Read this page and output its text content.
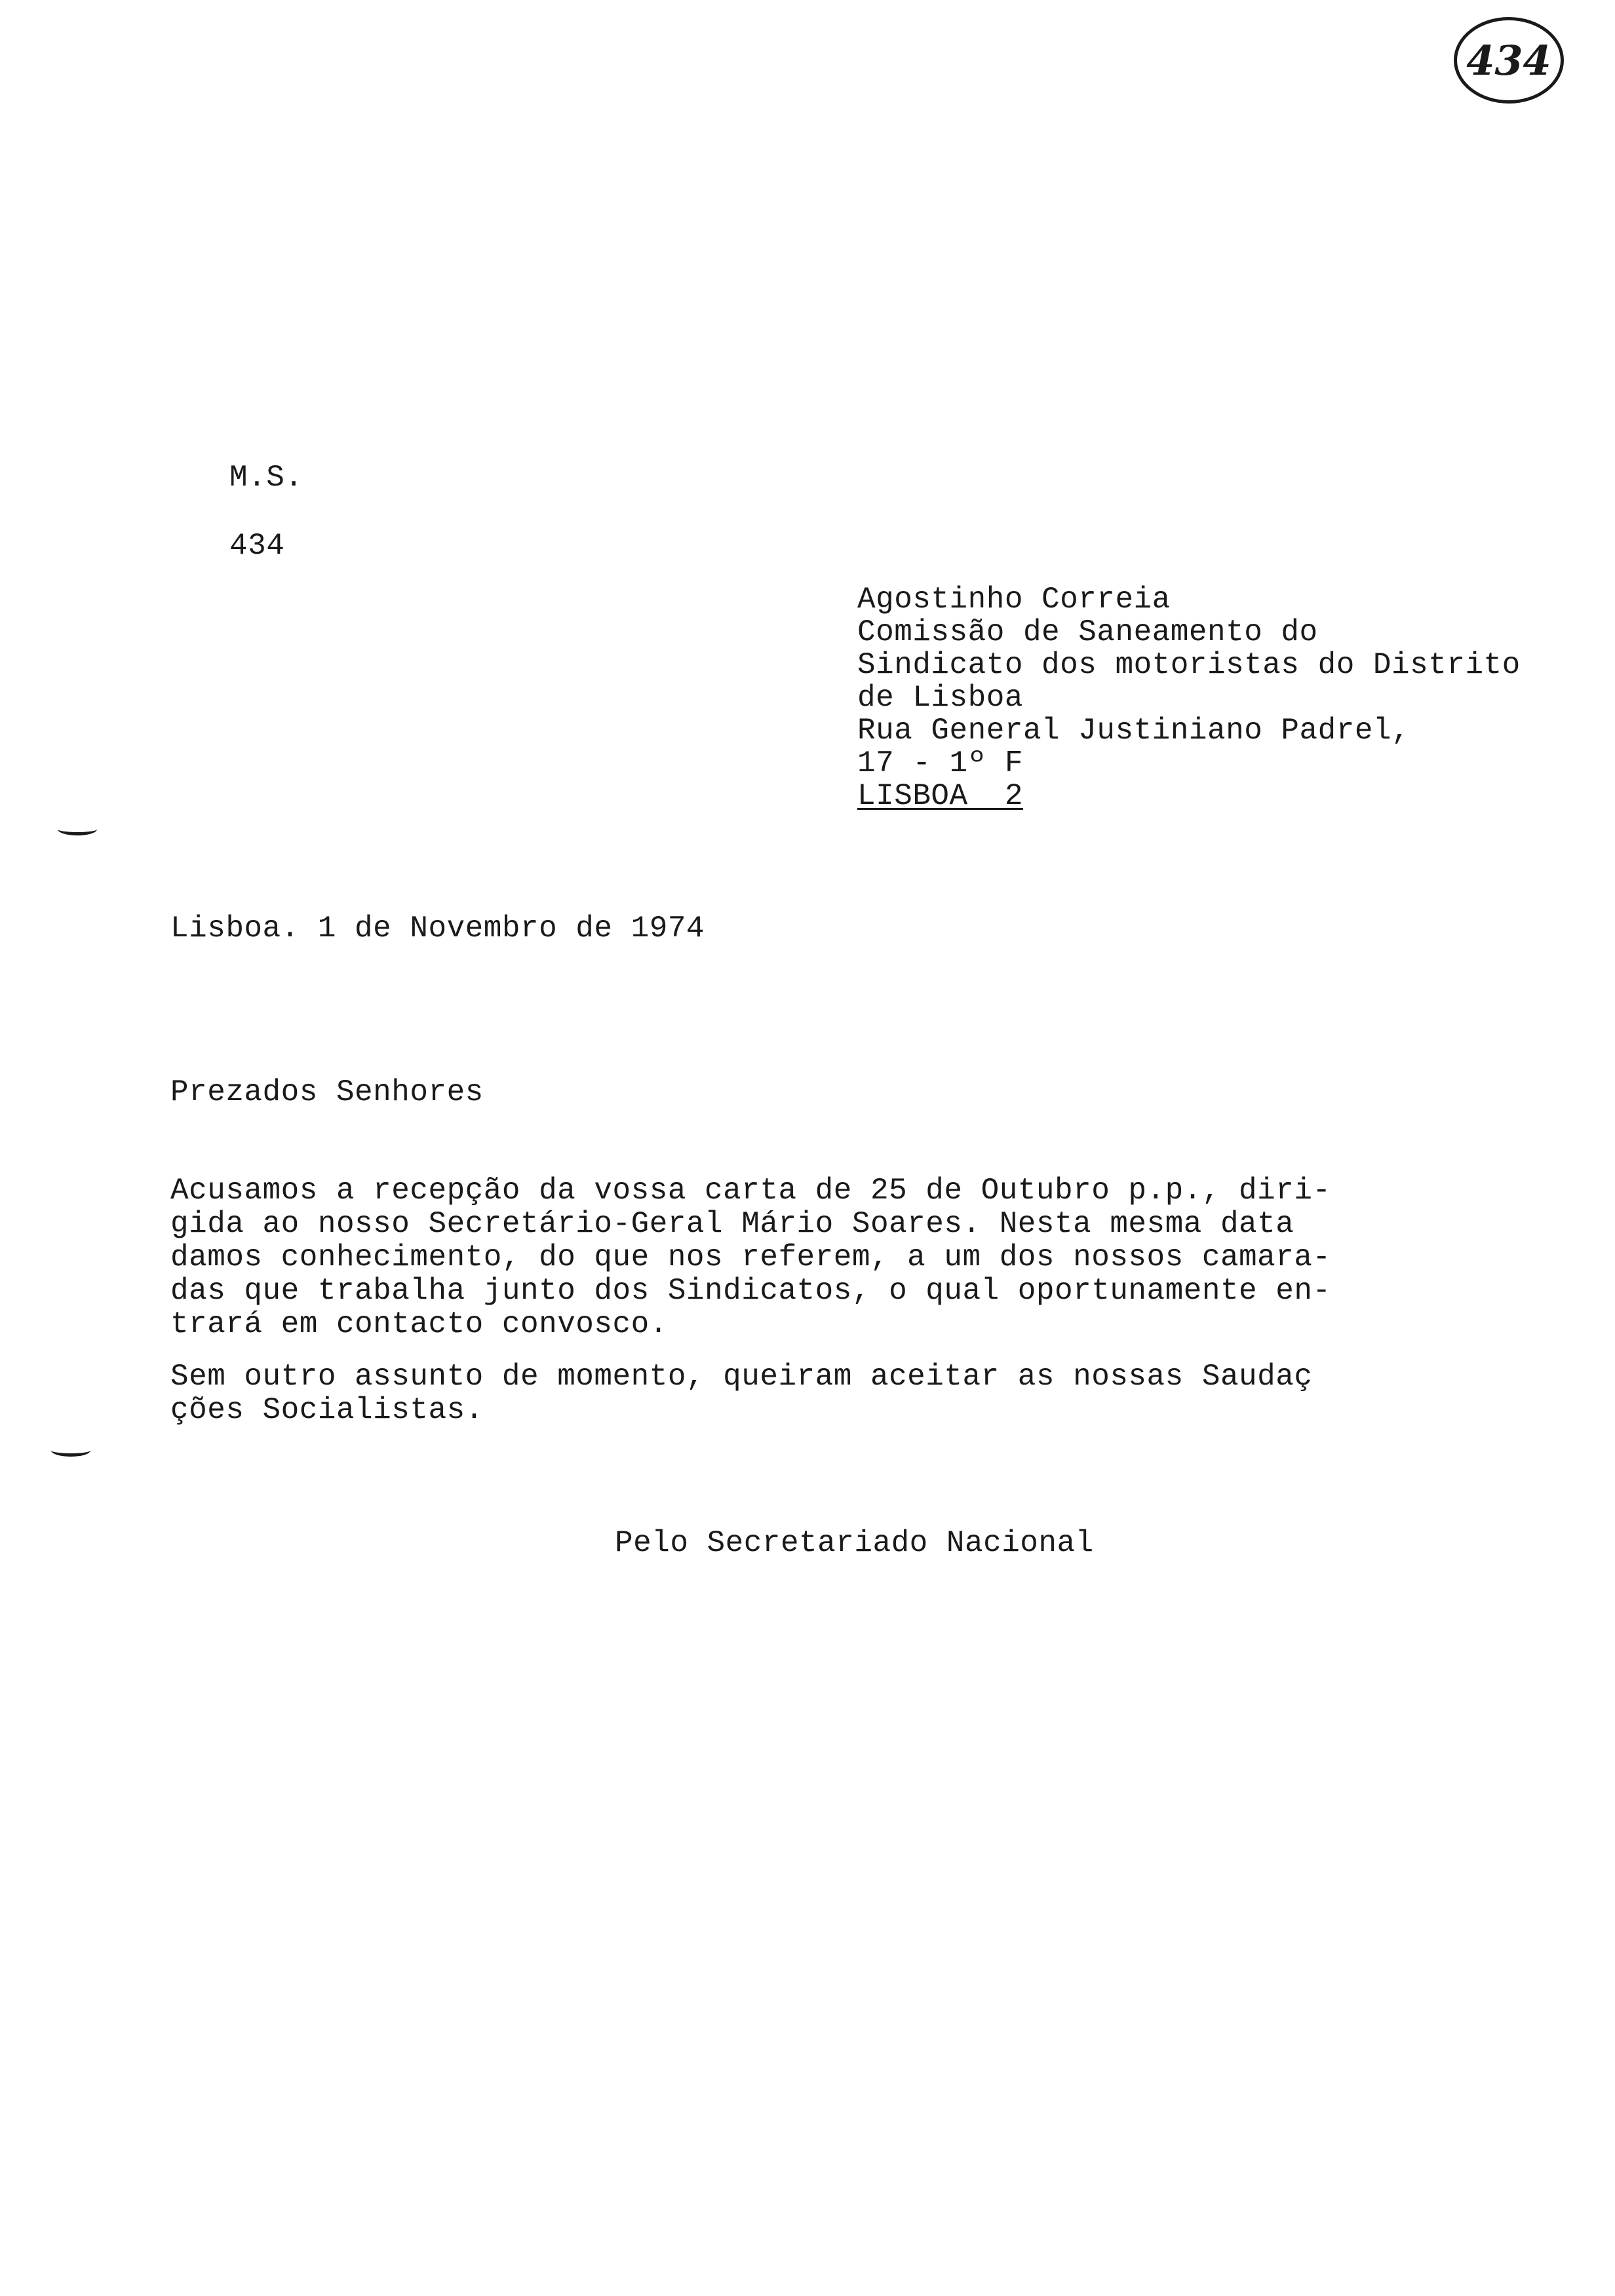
434
M.S.
434
Agostinho Correia
Comissão de Saneamento do
Sindicato dos motoristas do Distrito
de Lisboa
Rua General Justiniano Padrel,
17 - 1º F
LISBOA  2
Lisboa. 1 de Novembro de 1974
Prezados Senhores
Acusamos a recepção da vossa carta de 25 de Outubro p.p., diri-
gida ao nosso Secretário-Geral Mário Soares. Nesta mesma data
damos conhecimento, do que nos referem, a um dos nossos camara-
das que trabalha junto dos Sindicatos, o qual oportunamente en-
trará em contacto convosco.
Sem outro assunto de momento, queiram aceitar as nossas Saudaç
ções Socialistas.
Pelo Secretariado Nacional
